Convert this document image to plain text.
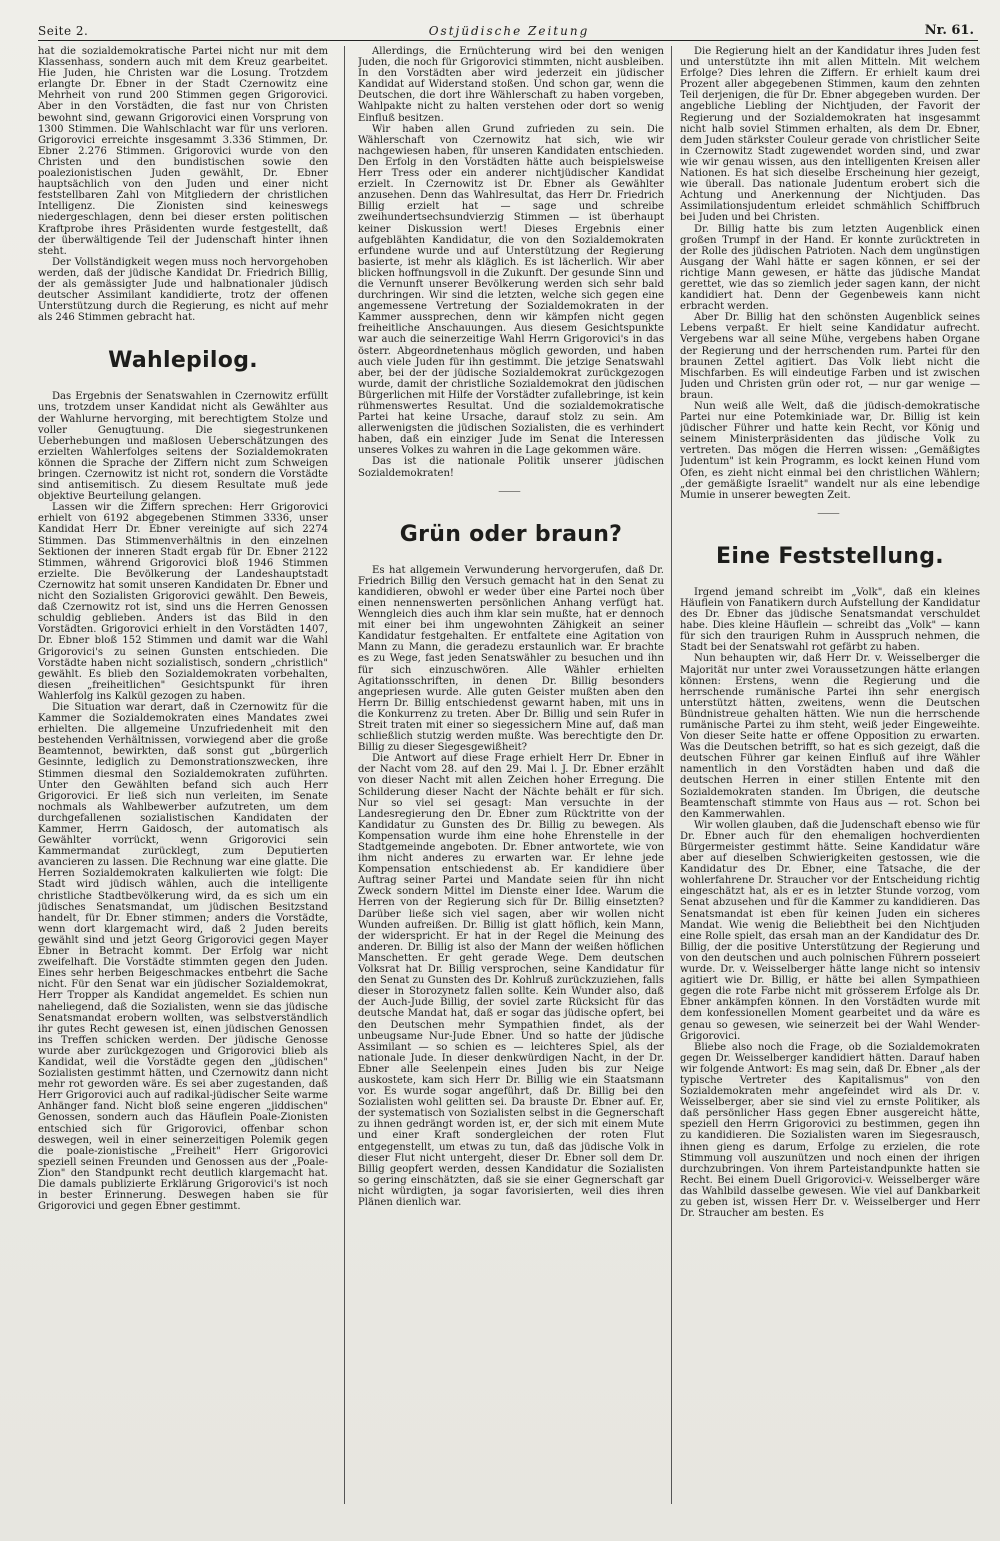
Seite 2.	Ostjüdische Zeitung	Nr. 61.

hat die sozialdemokratische Partei nicht nur mit dem Klassenhass, sondern auch mit dem Kreuz gearbeitet. Hie Juden, hie Christen war die Losung. Trotzdem erlangte Dr. Ebner in der Stadt Czernowitz eine Mehrheit von rund 200 Stimmen gegen Grigorovici. Aber in den Vorstädten, die fast nur von Christen bewohnt sind, gewann Grigorovici einen Vorsprung von 1300 Stimmen. Die Wahlschlacht war für uns verloren. Grigorovici erreichte insgesammt 3.336 Stimmen, Dr. Ebner 2.276 Stimmen. Grigorovici wurde von den Christen und den bundistischen sowie den poalezionistischen Juden gewählt, Dr. Ebner hauptsächlich von den Juden und einer nicht feststellbaren Zahl von Mitgliedern der christlichen Intelligenz. Die Zionisten sind keineswegs niedergeschlagen, denn bei dieser ersten politischen Kraftprobe ihres Präsidenten wurde festgestellt, daß der überwältigende Teil der Judenschaft hinter ihnen steht.

Der Vollständigkeit wegen muss noch hervorgehoben werden, daß der jüdische Kandidat Dr. Friedrich Billig, der als gemässigter Jude und halbnationaler jüdisch deutscher Assimilant kandidierte, trotz der offenen Unterstützung durch die Regierung, es nicht auf mehr als 246 Stimmen gebracht hat.

Wahlepilog.

Das Ergebnis der Senatswahlen in Czernowitz erfüllt uns, trotzdem unser Kandidat nicht als Gewählter aus der Wahlurne hervorging, mit berechtigtem Stolze und voller Genugtuung. Die siegestrunkenen Ueberhebungen und maßlosen Ueberschätzungen des erzielten Wahlerfolges seitens der Sozialdemokraten können die Sprache der Ziffern nicht zum Schweigen bringen. Czernowitz ist nicht rot, sondern die Vorstädte sind antisemitisch. Zu diesem Resultate muß jede objektive Beurteilung gelangen.

Lassen wir die Ziffern sprechen: Herr Grigorovici erhielt von 6192 abgegebenen Stimmen 3336, unser Kandidat Herr Dr. Ebner vereinigte auf sich 2274 Stimmen. Das Stimmenverhältnis in den einzelnen Sektionen der inneren Stadt ergab für Dr. Ebner 2122 Stimmen, während Grigorovici bloß 1946 Stimmen erzielte. Die Bevölkerung der Landeshauptstadt Czernowitz hat somit unseren Kandidaten Dr. Ebner und nicht den Sozialisten Grigorovici gewählt. Den Beweis, daß Czernowitz rot ist, sind uns die Herren Genossen schuldig geblieben. Anders ist das Bild in den Vorstädten. Grigorovici erhielt in den Vorstädten 1407, Dr. Ebner bloß 152 Stimmen und damit war die Wahl Grigorovici's zu seinen Gunsten entschieden. Die Vorstädte haben nicht sozialistisch, sondern „christlich" gewählt. Es blieb den Sozialdemokraten vorbehalten, diesen „freiheitlichen" Gesichtspunkt für ihren Wahlerfolg ins Kalkül gezogen zu haben.

Die Situation war derart, daß in Czernowitz für die Kammer die Sozialdemokraten eines Mandates zwei erhielten. Die allgemeine Unzufriedenheit mit den bestehenden Verhältnissen, vorwiegend aber die große Beamtennot, bewirkten, daß sonst gut „bürgerlich Gesinnte, lediglich zu Demonstrationszwecken, ihre Stimmen diesmal den Sozialdemokraten zuführten. Unter den Gewählten befand sich auch Herr Grigorovici. Er ließ sich nun verleiten, im Senate nochmals als Wahlbewerber aufzutreten, um dem durchgefallenen sozialistischen Kandidaten der Kammer, Herrn Gaidosch, der automatisch als Gewählter vorrückt, wenn Grigorovici sein Kammermandat zurücklegt, zum Deputierten avancieren zu lassen. Die Rechnung war eine glatte. Die Herren Sozialdemokraten kalkulierten wie folgt: Die Stadt wird jüdisch wählen, auch die intelligente christliche Stadtbevölkerung wird, da es sich um ein jüdisches Senatsmandat, um jüdischen Besitzstand handelt, für Dr. Ebner stimmen; anders die Vorstädte, wenn dort klargemacht wird, daß 2 Juden bereits gewählt sind und jetzt Georg Grigorovici gegen Mayer Ebner in Betracht kommt. Der Erfolg war nicht zweifelhaft. Die Vorstädte stimmten gegen den Juden. Eines sehr herben Beigeschmackes entbehrt die Sache nicht. Für den Senat war ein jüdischer Sozialdemokrat, Herr Tropper als Kandidat angemeldet. Es schien nun naheliegend, daß die Sozialisten, wenn sie das jüdische Senatsmandat erobern wollten, was selbstverständlich ihr gutes Recht gewesen ist, einen jüdischen Genossen ins Treffen schicken werden. Der jüdische Genosse wurde aber zurückgezogen und Grigorovici blieb als Kandidat, weil die Vorstädte gegen den „jüdischen" Sozialisten gestimmt hätten, und Czernowitz dann nicht mehr rot geworden wäre. Es sei aber zugestanden, daß Herr Grigorovici auch auf radikal-jüdischer Seite warme Anhänger fand. Nicht bloß seine engeren „jiddischen" Genossen, sondern auch das Häuflein Poale-Zionisten entschied sich für Grigorovici, offenbar schon deswegen, weil in einer seinerzeitigen Polemik gegen die poale-zionistische „Freiheit" Herr Grigorovici speziell seinen Freunden und Genossen aus der „Poale-Zion" den Standpunkt recht deutlich klargemacht hat. Die damals publizierte Erklärung Grigorovici's ist noch in bester Erinnerung. Deswegen haben sie für Grigorovici und gegen Ebner gestimmt.

Allerdings, die Ernüchterung wird bei den wenigen Juden, die noch für Grigorovici stimmten, nicht ausbleiben. In den Vorstädten aber wird jederzeit ein jüdischer Kandidat auf Widerstand stoßen. Und schon gar, wenn die Deutschen, die dort ihre Wählerschaft zu haben vorgeben, Wahlpakte nicht zu halten verstehen oder dort so wenig Einfluß besitzen.

Wir haben allen Grund zufrieden zu sein. Die Wählerschaft von Czernowitz hat sich, wie wir nachgewiesen haben, für unseren Kandidaten entschieden. Den Erfolg in den Vorstädten hätte auch beispielsweise Herr Tress oder ein anderer nichtjüdischer Kandidat erzielt. In Czernowitz ist Dr. Ebner als Gewählter anzusehen. Denn das Wahlresultat, das Herr Dr. Friedrich Billig erzielt hat — sage und schreibe zweihundertsechsundvierzig Stimmen — ist überhaupt keiner Diskussion wert! Dieses Ergebnis einer aufgeblähten Kandidatur, die von den Sozialdemokraten erfundene wurde und auf Unterstützung der Regierung basierte, ist mehr als kläglich. Es ist lächerlich. Wir aber blicken hoffnungsvoll in die Zukunft. Der gesunde Sinn und die Vernunft unserer Bevölkerung werden sich sehr bald durchringen. Wir sind die letzten, welche sich gegen eine angemessene Vertretung der Sozialdemokraten in der Kammer aussprechen, denn wir kämpfen nicht gegen freiheitliche Anschauungen. Aus diesem Gesichtspunkte war auch die seinerzeitige Wahl Herrn Grigorovici's in das österr. Abgeordnetenhaus möglich geworden, und haben auch viele Juden für ihn gestimmt. Die jetzige Senatswahl aber, bei der der jüdische Sozialdemokrat zurückgezogen wurde, damit der christliche Sozialdemokrat den jüdischen Bürgerlichen mit Hilfe der Vorstädter zufallebringe, ist kein rühmenswertes Resultat. Und die sozialdemokratische Partei hat keine Ursache, darauf stolz zu sein. Am allerwenigsten die jüdischen Sozialisten, die es verhindert haben, daß ein einziger Jude im Senat die Interessen unseres Volkes zu wahren in die Lage gekommen wäre.

Das ist die nationale Politik unserer jüdischen Sozialdemokraten!

⸻
Grün oder braun?

Es hat allgemein Verwunderung hervorgerufen, daß Dr. Friedrich Billig den Versuch gemacht hat in den Senat zu kandidieren, obwohl er weder über eine Partei noch über einen nennenswerten persönlichen Anhang verfügt hat. Wenngleich dies auch ihm klar sein mußte, hat er dennoch mit einer bei ihm ungewohnten Zähigkeit an seiner Kandidatur festgehalten. Er entfaltete eine Agitation von Mann zu Mann, die geradezu erstaunlich war. Er brachte es zu Wege, fast jeden Senatswähler zu besuchen und ihn für sich einzuschwören. Alle Wähler erhielten Agitationsschriften, in denen Dr. Billig besonders angepriesen wurde. Alle guten Geister mußten aben den Herrn Dr. Billig entschiedenst gewarnt haben, mit uns in die Konkurrenz zu treten. Aber Dr. Billig und sein Rufer in Streit traten mit einer so siegessichern Mine auf, daß man schließlich stutzig werden mußte. Was berechtigte den Dr. Billig zu dieser Siegesgewißheit?

Die Antwort auf diese Frage erhielt Herr Dr. Ebner in der Nacht vom 28. auf den 29. Mai l. J. Dr. Ebner erzählt von dieser Nacht mit allen Zeichen hoher Erregung. Die Schilderung dieser Nacht der Nächte behält er für sich. Nur so viel sei gesagt: Man versuchte in der Landesregierung den Dr. Ebner zum Rücktritte von der Kandidatur zu Gunsten des Dr. Billig zu bewegen. Als Kompensation wurde ihm eine hohe Ehrenstelle in der Stadtgemeinde angeboten. Dr. Ebner antwortete, wie von ihm nicht anderes zu erwarten war. Er lehne jede Kompensation entschiedenst ab. Er kandidiere über Auftrag seiner Partei und Mandate seien für ihn nicht Zweck sondern Mittel im Dienste einer Idee. Warum die Herren von der Regierung sich für Dr. Billig einsetzten? Darüber ließe sich viel sagen, aber wir wollen nicht Wunden aufreißen. Dr. Billig ist glatt höflich, kein Mann, der widerspricht. Er hat in der Regel die Meinung des anderen. Dr. Billig ist also der Mann der weißen höflichen Manschetten. Er geht gerade Wege. Dem deutschen Volksrat hat Dr. Billig versprochen, seine Kandidatur für den Senat zu Gunsten des Dr. Kohlruß zurückzuziehen, falls dieser in Storozynetz fallen sollte. Kein Wunder also, daß der Auch-Jude Billig, der soviel zarte Rücksicht für das deutsche Mandat hat, daß er sogar das jüdische opfert, bei den Deutschen mehr Sympathien findet, als der unbeugsame Nur-Jude Ebner. Und so hatte der jüdische Assimilant — so schien es — leichteres Spiel, als der nationale Jude. In dieser denkwürdigen Nacht, in der Dr. Ebner alle Seelenpein eines Juden bis zur Neige auskostete, kam sich Herr Dr. Billig wie ein Staatsmann vor. Es wurde sogar angeführt, daß Dr. Billig bei den Sozialisten wohl gelitten sei. Da brauste Dr. Ebner auf. Er, der systematisch von Sozialisten selbst in die Gegnerschaft zu ihnen gedrängt worden ist, er, der sich mit einem Mute und einer Kraft sondergleichen der roten Flut entgegenstellt, um etwas zu tun, daß das jüdische Volk in dieser Flut nicht untergeht, dieser Dr. Ebner soll dem Dr. Billig geopfert werden, dessen Kandidatur die Sozialisten so gering einschätzten, daß sie sie einer Gegnerschaft gar nicht würdigten, ja sogar favorisierten, weil dies ihren Plänen dienlich war.

Die Regierung hielt an der Kandidatur ihres Juden fest und unterstützte ihn mit allen Mitteln. Mit welchem Erfolge? Dies lehren die Ziffern. Er erhielt kaum drei Prozent aller abgegebenen Stimmen, kaum den zehnten Teil derjenigen, die für Dr. Ebner abgegeben wurden. Der angebliche Liebling der Nichtjuden, der Favorit der Regierung und der Sozialdemokraten hat insgesammt nicht halb soviel Stimmen erhalten, als dem Dr. Ebner, dem Juden stärkster Couleur gerade von christlicher Seite in Czernowitz Stadt zugewendet worden sind, und zwar wie wir genau wissen, aus den intelligenten Kreisen aller Nationen. Es hat sich dieselbe Erscheinung hier gezeigt, wie überall. Das nationale Judentum erobert sich die Achtung und Anerkennung der Nichtjuden. Das Assimilationsjudentum erleidet schmählich Schiffbruch bei Juden und bei Christen.

Dr. Billig hatte bis zum letzten Augenblick einen großen Trumpf in der Hand. Er konnte zurücktreten in der Rolle des jüdischen Patrioten. Nach dem ungünstigen Ausgang der Wahl hätte er sagen können, er sei der richtige Mann gewesen, er hätte das jüdische Mandat gerettet, wie das so ziemlich jeder sagen kann, der nicht kandidiert hat. Denn der Gegenbeweis kann nicht erbracht werden.

Aber Dr. Billig hat den schönsten Augenblick seines Lebens verpaßt. Er hielt seine Kandidatur aufrecht. Vergebens war all seine Mühe, vergebens haben Organe der Regierung und der herrschenden rum. Partei für den braunen Zettel agitiert. Das Volk liebt nicht die Mischfarben. Es will eindeutige Farben und ist zwischen Juden und Christen grün oder rot, — nur gar wenige — braun.

Nun weiß alle Welt, daß die jüdisch-demokratische Partei nur eine Potemkiniade war, Dr. Billig ist kein jüdischer Führer und hatte kein Recht, vor König und seinem Ministerpräsidenten das jüdische Volk zu vertreten. Das mögen die Herren wissen: „Gemäßigtes Judentum" ist kein Programm, es lockt keinen Hund vom Ofen, es zieht nicht einmal bei den christlichen Wählern; „der gemäßigte Israelit" wandelt nur als eine lebendige Mumie in unserer bewegten Zeit.

⸻
Eine Feststellung.

Irgend jemand schreibt im „Volk", daß ein kleines Häuflein von Fanatikern durch Aufstellung der Kandidatur des Dr. Ebner das jüdische Senatsmandat verschuldet habe. Dies kleine Häuflein — schreibt das „Volk" — kann für sich den traurigen Ruhm in Ausspruch nehmen, die Stadt bei der Senatswahl rot gefärbt zu haben.

Nun behaupten wir, daß Herr Dr. v. Weisselberger die Majorität nur unter zwei Voraussetzungen hätte erlangen können: Erstens, wenn die Regierung und die herrschende rumänische Partei ihn sehr energisch unterstützt hätten, zweitens, wenn die Deutschen Bündnistreue gehalten hätten. Wie nun die herrschende rumänische Partei zu ihm steht, weiß jeder Eingeweihte. Von dieser Seite hatte er offene Opposition zu erwarten. Was die Deutschen betrifft, so hat es sich gezeigt, daß die deutschen Führer gar keinen Einfluß auf ihre Wähler namentlich in den Vorstädten haben und daß die deutschen Herren in einer stillen Entente mit den Sozialdemokraten standen. Im Übrigen, die deutsche Beamtenschaft stimmte von Haus aus — rot. Schon bei den Kammerwahlen.

Wir wollen glauben, daß die Judenschaft ebenso wie für Dr. Ebner auch für den ehemaligen hochverdienten Bürgermeister gestimmt hätte. Seine Kandidatur wäre aber auf dieselben Schwierigkeiten gestossen, wie die Kandidatur des Dr. Ebner, eine Tatsache, die der wohlerfahrene Dr. Straucher vor der Entscheidung richtig eingeschätzt hat, als er es in letzter Stunde vorzog, vom Senat abzusehen und für die Kammer zu kandidieren. Das Senatsmandat ist eben für keinen Juden ein sicheres Mandat. Wie wenig die Beliebtheit bei den Nichtjuden eine Rolle spielt, das ersah man an der Kandidatur des Dr. Billig, der die positive Unterstützung der Regierung und von den deutschen und auch polnischen Führern posseiert wurde. Dr. v. Weisselberger hätte lange nicht so intensiv agitiert wie Dr. Billig, er hätte bei allen Sympathieen gegen die rote Farbe nicht mit grösserem Erfolge als Dr. Ebner ankämpfen können. In den Vorstädten wurde mit dem konfessionellen Moment gearbeitet und da wäre es genau so gewesen, wie seinerzeit bei der Wahl Wender-Grigorovici.

Bliebe also noch die Frage, ob die Sozialdemokraten gegen Dr. Weisselberger kandidiert hätten. Darauf haben wir folgende Antwort: Es mag sein, daß Dr. Ebner „als der typische Vertreter des Kapitalismus" von den Sozialdemokraten mehr angefeindet wird als Dr. v. Weisselberger, aber sie sind viel zu ernste Politiker, als daß persönlicher Hass gegen Ebner ausgereicht hätte, speziell den Herrn Grigorovici zu bestimmen, gegen ihn zu kandidieren. Die Sozialisten waren im Siegesrausch, ihnen gieng es darum, Erfolge zu erzielen, die rote Stimmung voll auszunützen und noch einen der ihrigen durchzubringen. Von ihrem Parteistandpunkte hatten sie Recht. Bei einem Duell Grigorovici-v. Weisselberger wäre das Wahlbild dasselbe gewesen. Wie viel auf Dankbarkeit zu geben ist, wissen Herr Dr. v. Weisselberger und Herr Dr. Straucher am besten. Es
